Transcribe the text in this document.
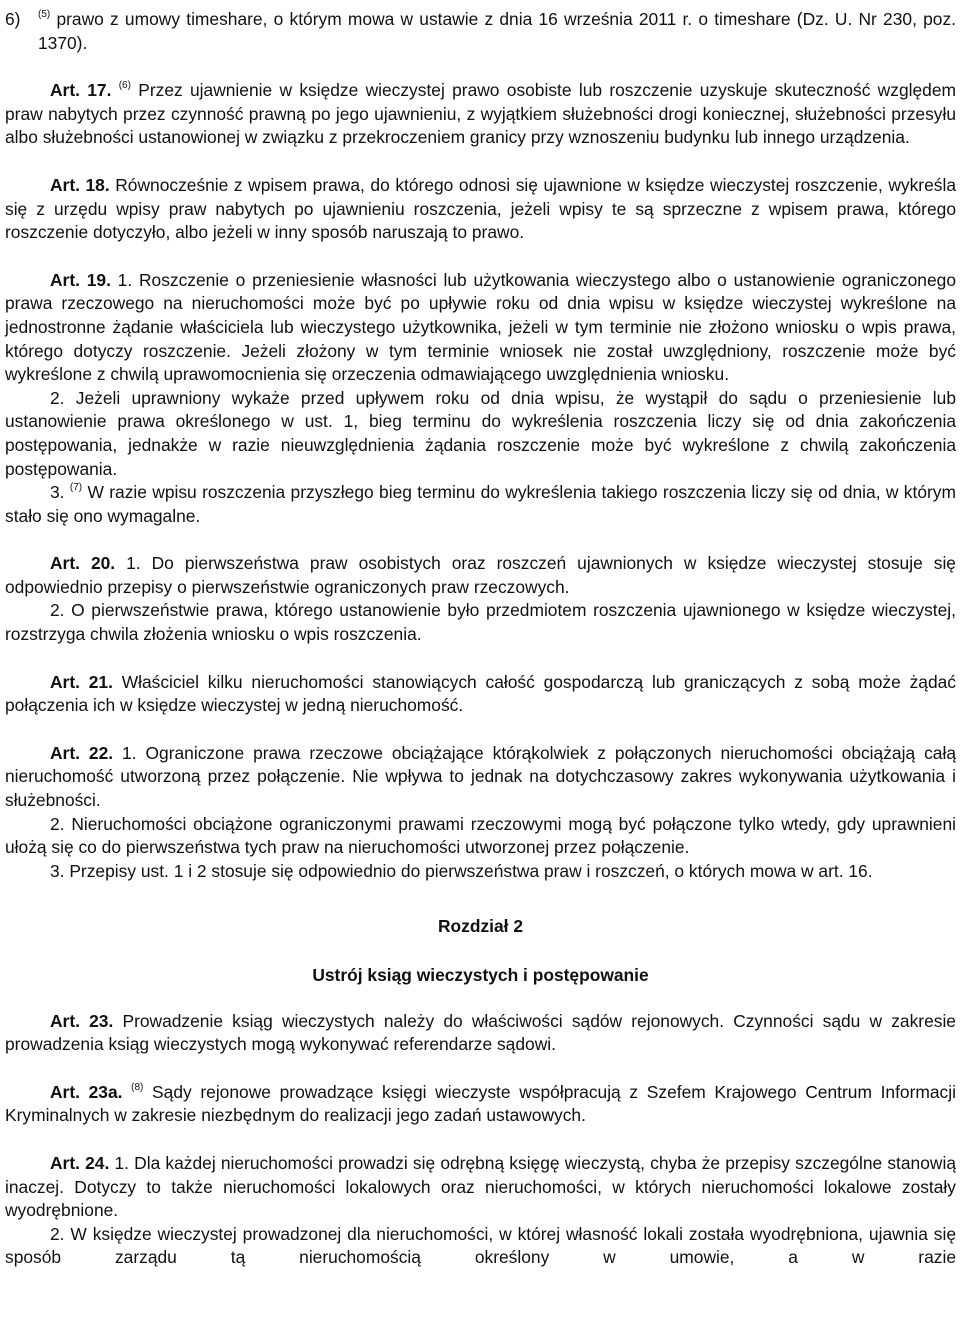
6)	$^{(5)}$ prawo z umowy timeshare, o którym mowa w ustawie z dnia 16 września 2011 r. o timeshare (Dz. U. Nr 230, poz. 1370).

Art. 17. $^{(6)}$ Przez ujawnienie w księdze wieczystej prawo osobiste lub roszczenie uzyskuje skuteczność względem praw nabytych przez czynność prawną po jego ujawnieniu, z wyjątkiem służebności drogi koniecznej, służebności przesyłu albo służebności ustanowionej w związku z przekroczeniem granicy przy wznoszeniu budynku lub innego urządzenia.

Art. 18. Równocześnie z wpisem prawa, do którego odnosi się ujawnione w księdze wieczystej roszczenie, wykreśla się z urzędu wpisy praw nabytych po ujawnieniu roszczenia, jeżeli wpisy te są sprzeczne z wpisem prawa, którego roszczenie dotyczyło, albo jeżeli w inny sposób naruszają to prawo.

Art. 19. 1. Roszczenie o przeniesienie własności lub użytkowania wieczystego albo o ustanowienie ograniczonego prawa rzeczowego na nieruchomości może być po upływie roku od dnia wpisu w księdze wieczystej wykreślone na jednostronne żądanie właściciela lub wieczystego użytkownika, jeżeli w tym terminie nie złożono wniosku o wpis prawa, którego dotyczy roszczenie. Jeżeli złożony w tym terminie wniosek nie został uwzględniony, roszczenie może być wykreślone z chwilą uprawomocnienia się orzeczenia odmawiającego uwzględnienia wniosku.

2. Jeżeli uprawniony wykaże przed upływem roku od dnia wpisu, że wystąpił do sądu o przeniesienie lub ustanowienie prawa określonego w ust. 1, bieg terminu do wykreślenia roszczenia liczy się od dnia zakończenia postępowania, jednakże w razie nieuwzględnienia żądania roszczenie może być wykreślone z chwilą zakończenia postępowania.

3. $^{(7)}$ W razie wpisu roszczenia przyszłego bieg terminu do wykreślenia takiego roszczenia liczy się od dnia, w którym stało się ono wymagalne.

Art. 20. 1. Do pierwszeństwa praw osobistych oraz roszczeń ujawnionych w księdze wieczystej stosuje się odpowiednio przepisy o pierwszeństwie ograniczonych praw rzeczowych.

2. O pierwszeństwie prawa, którego ustanowienie było przedmiotem roszczenia ujawnionego w księdze wieczystej, rozstrzyga chwila złożenia wniosku o wpis roszczenia.

Art. 21. Właściciel kilku nieruchomości stanowiących całość gospodarczą lub graniczących z sobą może żądać połączenia ich w księdze wieczystej w jedną nieruchomość.

Art. 22. 1. Ograniczone prawa rzeczowe obciążające którąkolwiek z połączonych nieruchomości obciążają całą nieruchomość utworzoną przez połączenie. Nie wpływa to jednak na dotychczasowy zakres wykonywania użytkowania i służebności.

2. Nieruchomości obciążone ograniczonymi prawami rzeczowymi mogą być połączone tylko wtedy, gdy uprawnieni ułożą się co do pierwszeństwa tych praw na nieruchomości utworzonej przez połączenie.

3. Przepisy ust. 1 i 2 stosuje się odpowiednio do pierwszeństwa praw i roszczeń, o których mowa w art. 16.

Rozdział 2
Ustrój ksiąg wieczystych i postępowanie

Art. 23. Prowadzenie ksiąg wieczystych należy do właściwości sądów rejonowych. Czynności sądu w zakresie prowadzenia ksiąg wieczystych mogą wykonywać referendarze sądowi.

Art. 23a. $^{(8)}$ Sądy rejonowe prowadzące księgi wieczyste współpracują z Szefem Krajowego Centrum Informacji Kryminalnych w zakresie niezbędnym do realizacji jego zadań ustawowych.

Art. 24. 1. Dla każdej nieruchomości prowadzi się odrębną księgę wieczystą, chyba że przepisy szczególne stanowią inaczej. Dotyczy to także nieruchomości lokalowych oraz nieruchomości, w których nieruchomości lokalowe zostały wyodrębnione.

2. W księdze wieczystej prowadzonej dla nieruchomości, w której własność lokali została wyodrębniona, ujawnia się sposób zarządu tą nieruchomością określony w umowie, a w razie
